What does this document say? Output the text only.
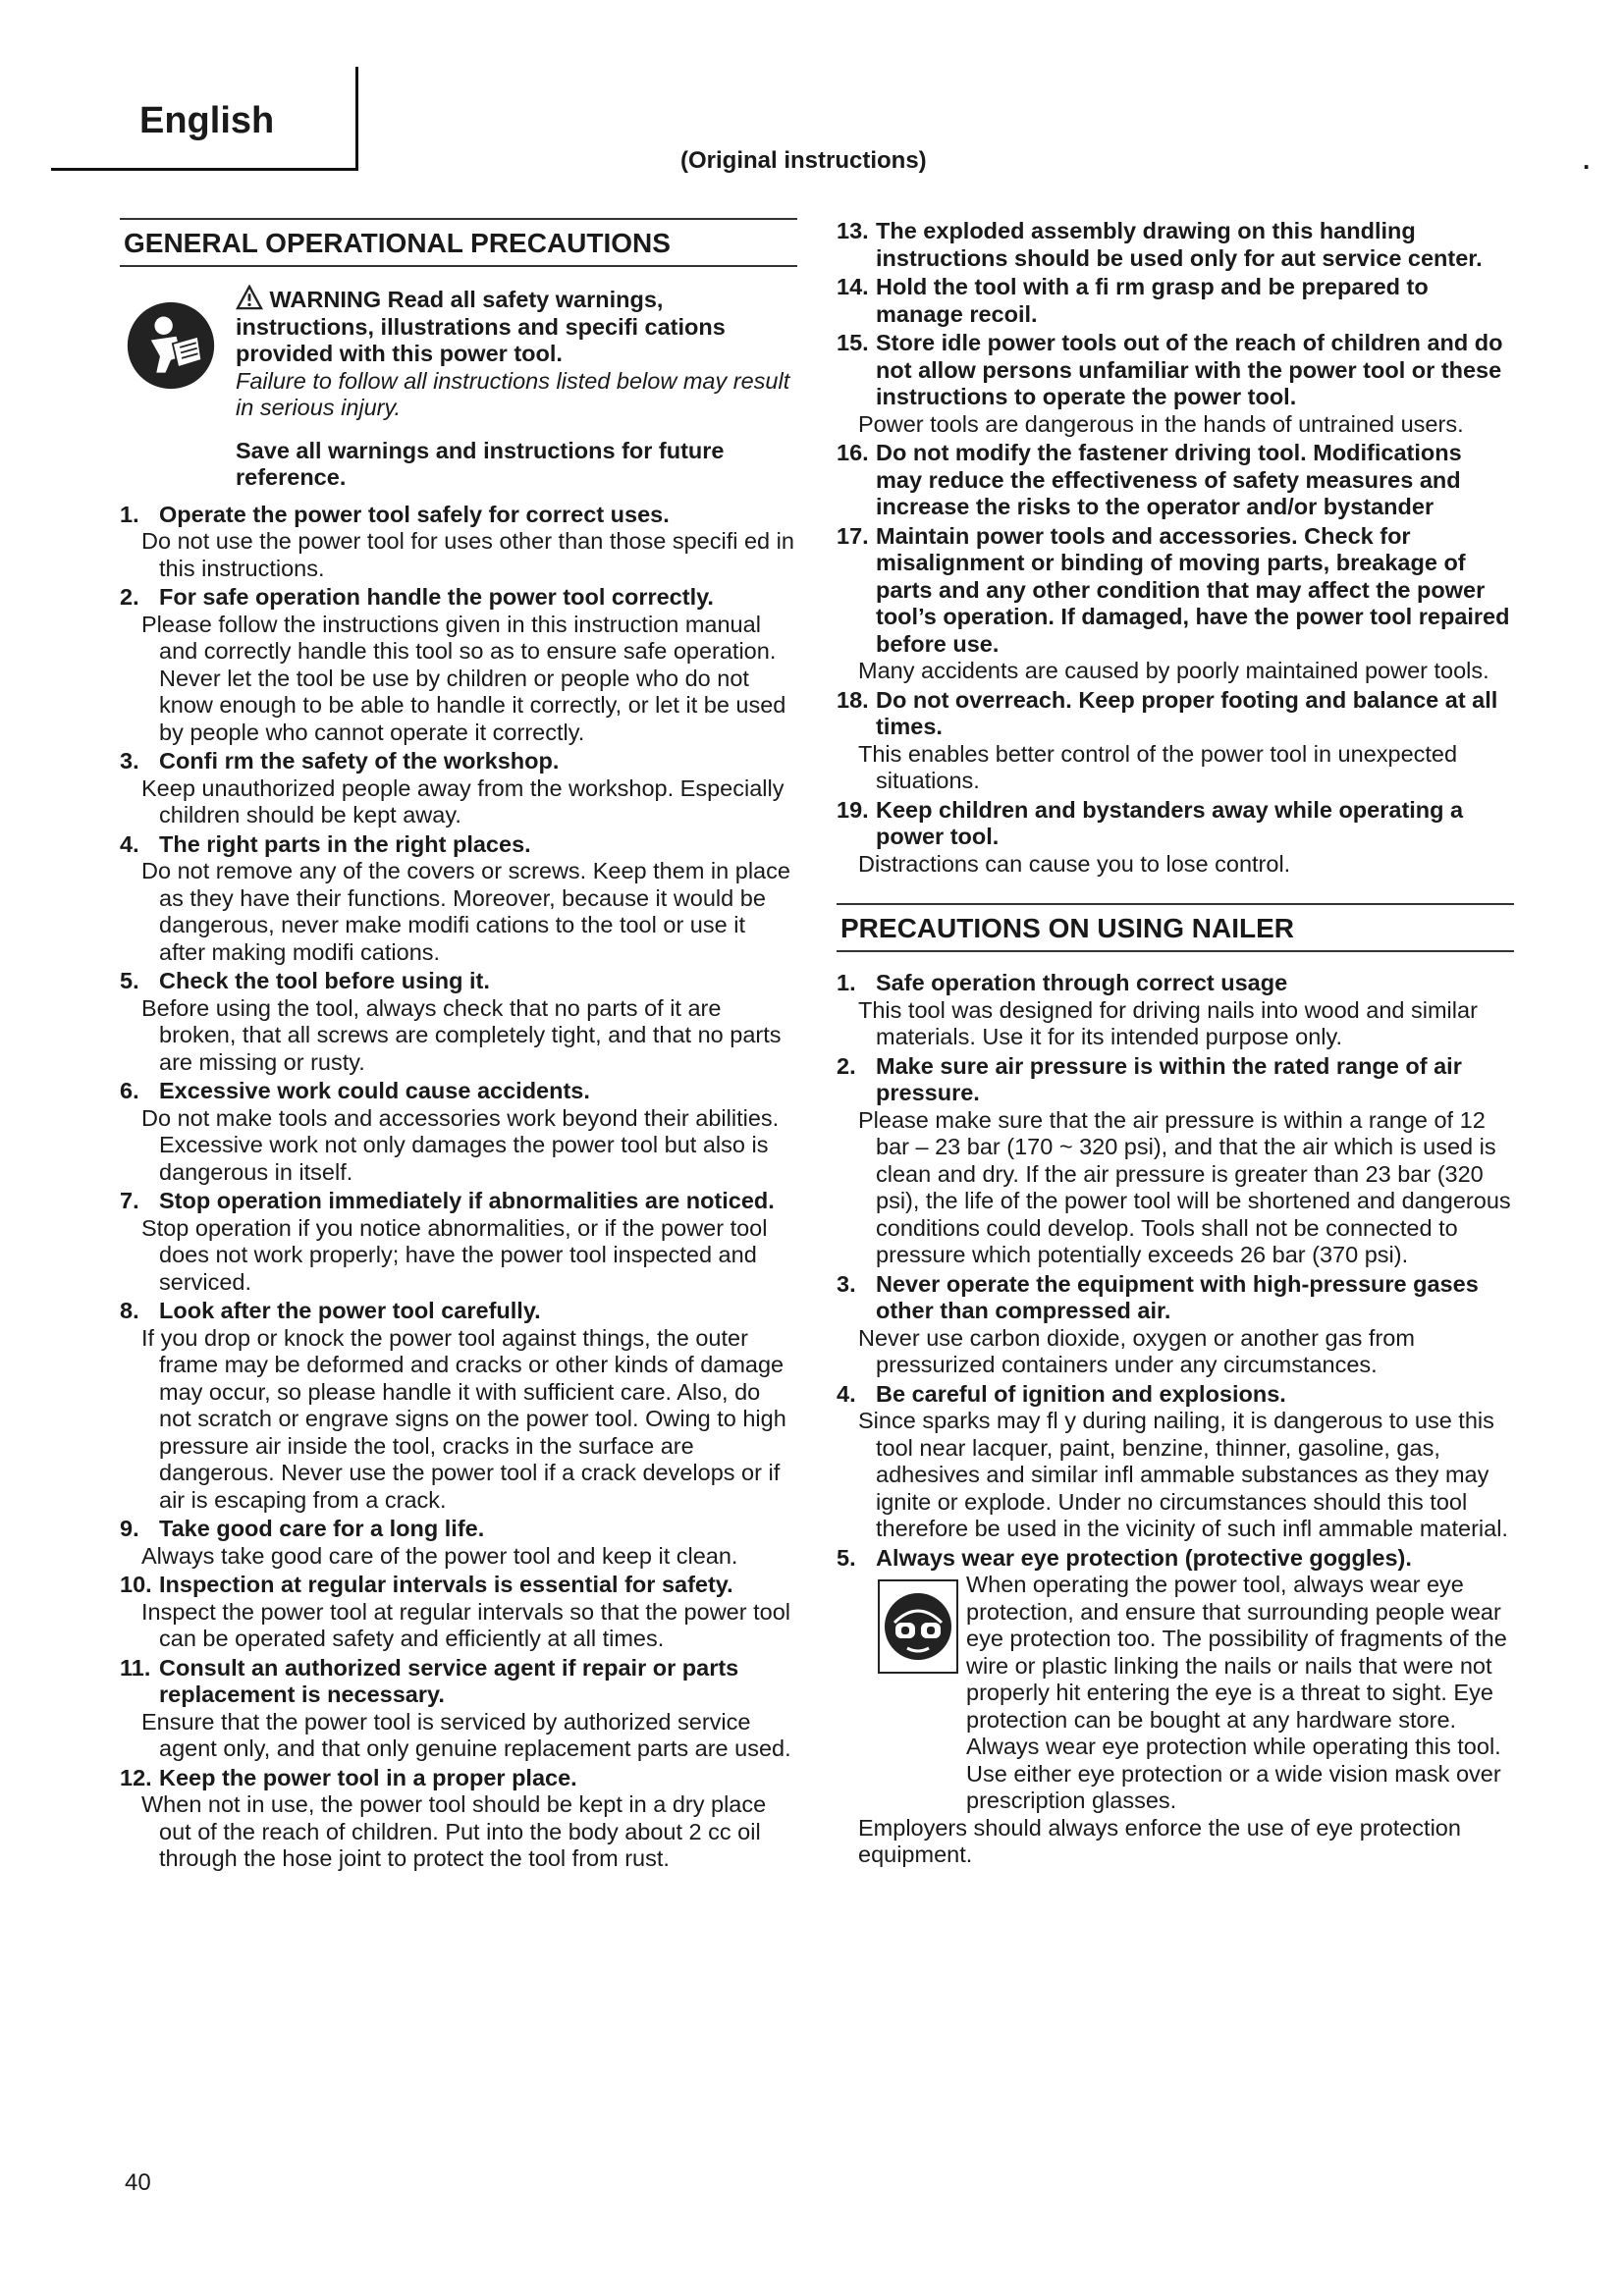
English
(Original instructions)	.
GENERAL OPERATIONAL PRECAUTIONS
WARNING Read all safety warnings, instructions, illustrations and specifi cations provided with this power tool.
Failure to follow all instructions listed below may result in serious injury.
Save all warnings and instructions for future reference.
1. Operate the power tool safely for correct uses.
Do not use the power tool for uses other than those specifi ed in this instructions.
2. For safe operation handle the power tool correctly.
Please follow the instructions given in this instruction manual and correctly handle this tool so as to ensure safe operation. Never let the tool be use by children or people who do not know enough to be able to handle it correctly, or let it be used by people who cannot operate it correctly.
3. Confi rm the safety of the workshop.
Keep unauthorized people away from the workshop. Especially children should be kept away.
4. The right parts in the right places.
Do not remove any of the covers or screws. Keep them in place as they have their functions. Moreover, because it would be dangerous, never make modifi cations to the tool or use it after making modifi cations.
5. Check the tool before using it.
Before using the tool, always check that no parts of it are broken, that all screws are completely tight, and that no parts are missing or rusty.
6. Excessive work could cause accidents.
Do not make tools and accessories work beyond their abilities. Excessive work not only damages the power tool but also is dangerous in itself.
7. Stop operation immediately if abnormalities are noticed.
Stop operation if you notice abnormalities, or if the power tool does not work properly; have the power tool inspected and serviced.
8. Look after the power tool carefully.
If you drop or knock the power tool against things, the outer frame may be deformed and cracks or other kinds of damage may occur, so please handle it with sufficient care. Also, do not scratch or engrave signs on the power tool. Owing to high pressure air inside the tool, cracks in the surface are dangerous. Never use the power tool if a crack develops or if air is escaping from a crack.
9. Take good care for a long life.
Always take good care of the power tool and keep it clean.
10. Inspection at regular intervals is essential for safety.
Inspect the power tool at regular intervals so that the power tool can be operated safety and efficiently at all times.
11. Consult an authorized service agent if repair or parts replacement is necessary.
Ensure that the power tool is serviced by authorized service agent only, and that only genuine replacement parts are used.
12. Keep the power tool in a proper place.
When not in use, the power tool should be kept in a dry place out of the reach of children. Put into the body about 2 cc oil through the hose joint to protect the tool from rust.
13. The exploded assembly drawing on this handling instructions should be used only for aut service center.
14. Hold the tool with a fi rm grasp and be prepared to manage recoil.
15. Store idle power tools out of the reach of children and do not allow persons unfamiliar with the power tool or these instructions to operate the power tool.
Power tools are dangerous in the hands of untrained users.
16. Do not modify the fastener driving tool. Modifications may reduce the effectiveness of safety measures and increase the risks to the operator and/or bystander
17. Maintain power tools and accessories. Check for misalignment or binding of moving parts, breakage of parts and any other condition that may affect the power tool’s operation. If damaged, have the power tool repaired before use.
Many accidents are caused by poorly maintained power tools.
18. Do not overreach. Keep proper footing and balance at all times.
This enables better control of the power tool in unexpected situations.
19. Keep children and bystanders away while operating a power tool.
Distractions can cause you to lose control.
PRECAUTIONS ON USING NAILER
1. Safe operation through correct usage
This tool was designed for driving nails into wood and similar materials. Use it for its intended purpose only.
2. Make sure air pressure is within the rated range of air pressure.
Please make sure that the air pressure is within a range of 12 bar – 23 bar (170 ~ 320 psi), and that the air which is used is clean and dry. If the air pressure is greater than 23 bar (320 psi), the life of the power tool will be shortened and dangerous conditions could develop. Tools shall not be connected to pressure which potentially exceeds 26 bar (370 psi).
3. Never operate the equipment with high-pressure gases other than compressed air.
Never use carbon dioxide, oxygen or another gas from pressurized containers under any circumstances.
4. Be careful of ignition and explosions.
Since sparks may fl y during nailing, it is dangerous to use this tool near lacquer, paint, benzine, thinner, gasoline, gas, adhesives and similar infl ammable substances as they may ignite or explode. Under no circumstances should this tool therefore be used in the vicinity of such infl ammable material.
5. Always wear eye protection (protective goggles).
When operating the power tool, always wear eye protection, and ensure that surrounding people wear eye protection too. The possibility of fragments of the wire or plastic linking the nails or nails that were not properly hit entering the eye is a threat to sight. Eye protection can be bought at any hardware store. Always wear eye protection while operating this tool. Use either eye protection or a wide vision mask over prescription glasses.
Employers should always enforce the use of eye protection equipment.
40
